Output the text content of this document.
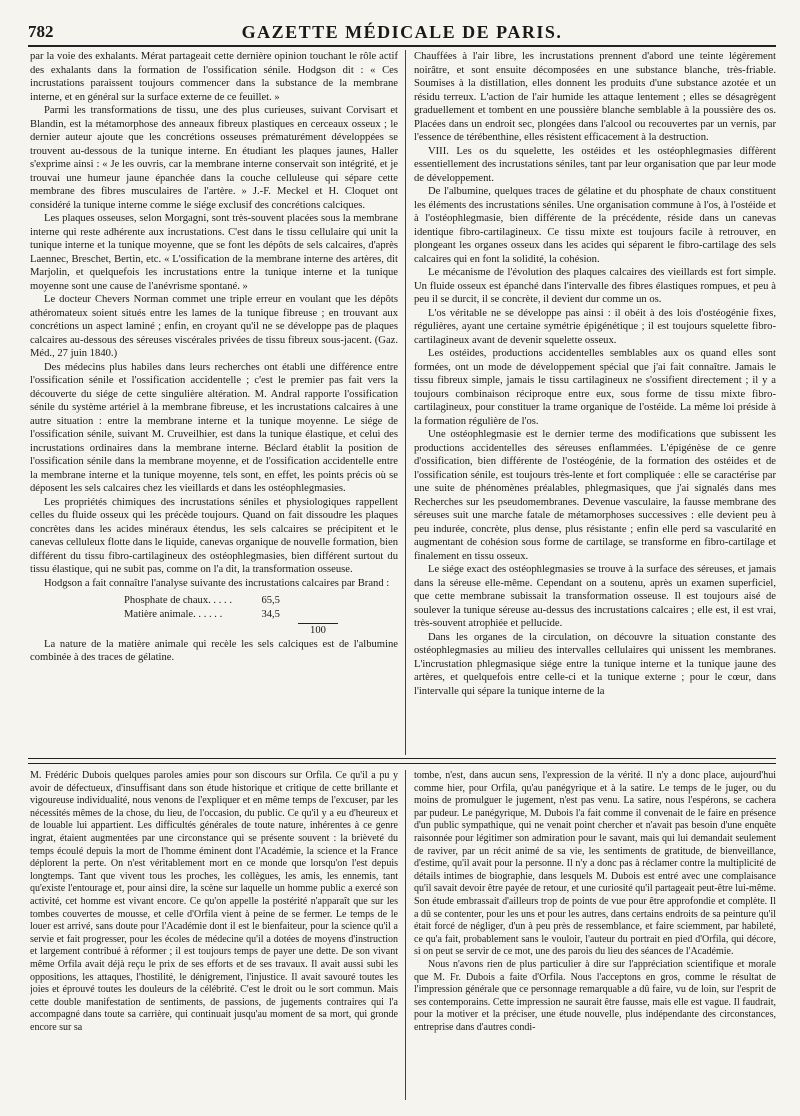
782	GAZETTE MÉDICALE DE PARIS.

par la voie des exhalants. Mérat partageait cette dernière opinion touchant le rôle actif des exhalants dans la formation de l'ossification sénile. Hodgson dit : « Ces incrustations paraissent toujours commencer dans la substance de la membrane interne, et en général sur la surface externe de ce feuillet. »

Parmi les transformations de tissu, une des plus curieuses, suivant Corvisart et Blandin, est la métamorphose des anneaux fibreux plastiques en cerceaux osseux ; le dernier auteur ajoute que les concrétions osseuses prématurément développées se trouvent au-dessous de la tunique interne. En étudiant les plaques jaunes, Haller s'exprime ainsi : « Je les ouvris, car la membrane interne conservait son intégrité, et je trouvai une humeur jaune épanchée dans la couche celluleuse qui sépare cette membrane des fibres musculaires de l'artère. » J.-F. Meckel et H. Cloquet ont considéré la tunique interne comme le siége exclusif des concrétions calciques.

Les plaques osseuses, selon Morgagni, sont très-souvent placées sous la membrane interne qui reste adhérente aux incrustations. C'est dans le tissu cellulaire qui unit la tunique interne et la tunique moyenne, que se font les dépôts de sels calcaires, d'après Laennec, Breschet, Bertin, etc. « L'ossification de la membrane interne des artères, dit Marjolin, et quelquefois les incrustations entre la tunique interne et la tunique moyenne sont une cause de l'anévrisme spontané. »

Le docteur Chevers Norman commet une triple erreur en voulant que les dépôts athéromateux soient situés entre les lames de la tunique fibreuse ; en trouvant aux concrétions un aspect laminé ; enfin, en croyant qu'il ne se développe pas de plaques calcaires au-dessous des séreuses viscérales privées de tissu fibreux sous-jacent. (Gaz. Méd., 27 juin 1840.)

Des médecins plus habiles dans leurs recherches ont établi une différence entre l'ossification sénile et l'ossification accidentelle ; c'est le premier pas fait vers la découverte du siége de cette singulière altération. M. Andral rapporte l'ossification sénile du système artériel à la membrane fibreuse, et les incrustations calcaires à une autre situation : entre la membrane interne et la tunique moyenne. Le siége de l'ossification sénile, suivant M. Cruveilhier, est dans la tunique élastique, et celui des incrustations ordinaires dans la membrane interne. Béclard établit la position de l'ossification sénile dans la membrane moyenne, et de l'ossification accidentelle entre la membrane interne et la tunique moyenne, tels sont, en effet, les points précis où se déposent les sels calcaires chez les vieillards et dans les ostéophlegmasies.

Les propriétés chimiques des incrustations séniles et physiologiques rappellent celles du fluide osseux qui les précède toujours. Quand on fait dissoudre les plaques concrètes dans les acides minéraux étendus, les sels calcaires se précipitent et le canevas celluleux flotte dans le liquide, canevas organique de nouvelle formation, bien différent du tissu fibro-cartilagineux des ostéophlegmasies, bien différent surtout du tissu élastique, qui ne subit pas, comme on l'a dit, la transformation osseuse.

Hodgson a fait connaître l'analyse suivante des incrustations calcaires par Brand :

Phosphate de chaux. . . . .	65,5
Matière animale. . . . . .	34,5
100

La nature de la matière animale qui recèle les sels calciques est de l'albumine combinée à des traces de gélatine.

Chauffées à l'air libre, les incrustations prennent d'abord une teinte légèrement noirâtre, et sont ensuite décomposées en une substance blanche, très-friable. Soumises à la distillation, elles donnent les produits d'une substance azotée et un résidu terreux. L'action de l'air humide les attaque lentement ; elles se désagrègent graduellement et tombent en une poussière blanche semblable à la poussière des os. Placées dans un endroit sec, plongées dans l'alcool ou recouvertes par un vernis, par l'essence de térébenthine, elles résistent efficacement à la destruction.

VIII. Les os du squelette, les ostéides et les ostéophlegmasies diffèrent essentiellement des incrustations séniles, tant par leur organisation que par leur mode de développement.

De l'albumine, quelques traces de gélatine et du phosphate de chaux constituent les éléments des incrustations séniles. Une organisation commune à l'os, à l'ostéide et à l'ostéophlegmasie, bien différente de la précédente, réside dans un canevas identique fibro-cartilagineux. Ce tissu mixte est toujours facile à retrouver, en plongeant les organes osseux dans les acides qui séparent le fibro-cartilage des sels calcaires qui en font la solidité, la cohésion.

Le mécanisme de l'évolution des plaques calcaires des vieillards est fort simple. Un fluide osseux est épanché dans l'intervalle des fibres élastiques rompues, et peu à peu il se durcit, il se concrète, il devient dur comme un os.

L'os véritable ne se développe pas ainsi : il obéit à des lois d'ostéogénie fixes, régulières, ayant une certaine symétrie épigénétique ; il est toujours squelette fibro-cartilagineux avant de devenir squelette osseux.

Les ostéides, productions accidentelles semblables aux os quand elles sont formées, ont un mode de développement spécial que j'ai fait connaître. Jamais le tissu fibreux simple, jamais le tissu cartilagineux ne s'ossifient directement ; il y a toujours combinaison réciproque entre eux, sous forme de tissu mixte fibro-cartilagineux, pour constituer la trame organique de l'ostéide. La même loi préside à la formation régulière de l'os.

Une ostéophlegmasie est le dernier terme des modifications que subissent les productions accidentelles des séreuses enflammées. L'épigénèse de ce genre d'ossification, bien différente de l'ostéogénie, de la formation des ostéides et de l'ossification sénile, est toujours très-lente et fort compliquée : elle se caractérise par une suite de phénomènes préalables, phlegmasiques, que j'ai signalés dans mes Recherches sur les pseudomembranes. Devenue vasculaire, la fausse membrane des séreuses suit une marche fatale de métamorphoses successives : elle devient peu à peu indurée, concrète, plus dense, plus résistante ; enfin elle perd sa vascularité en augmentant de cohésion sous forme de cartilage, se transforme en fibro-cartilage et finalement en tissu osseux.

Le siége exact des ostéophlegmasies se trouve à la surface des séreuses, et jamais dans la séreuse elle-même. Cependant on a soutenu, après un examen superficiel, que cette membrane subissait la transformation osseuse. Il est toujours aisé de soulever la tunique séreuse au-dessus des incrustations calcaires ; elle est, il est vrai, très-souvent atrophiée et pellucide.

Dans les organes de la circulation, on découvre la situation constante des ostéophlegmasies au milieu des intervalles cellulaires qui unissent les membranes. L'incrustation phlegmasique siége entre la tunique interne et la tunique jaune des artères, et quelquefois entre celle-ci et la tunique externe ; pour le cœur, dans l'intervalle qui sépare la tunique interne de la

M. Frédéric Dubois quelques paroles amies pour son discours sur Orfila. Ce qu'il a pu y avoir de défectueux, d'insuffisant dans son étude historique et critique de cette brillante et vigoureuse individualité, nous venons de l'expliquer et en même temps de l'excuser, par les nécessités mêmes de la chose, du lieu, de l'occasion, du public. Ce qu'il y a eu d'heureux et de louable lui appartient. Les difficultés générales de toute nature, inhérentes à ce genre ingrat, étaient augmentées par une circonstance qui se présente souvent : la brièveté du temps écoulé depuis la mort de l'homme éminent dont l'Académie, la science et la France déplorent la perte. On n'est véritablement mort en ce monde que lorsqu'on l'est depuis longtemps. Tant que vivent tous les proches, les collègues, les amis, les ennemis, tant qu'existe l'entourage et, pour ainsi dire, la scène sur laquelle un homme public a exercé son activité, cet homme est vivant encore. Ce qu'on appelle la postérité n'apparaît que sur les tombes couvertes de mousse, et celle d'Orfila vient à peine de se fermer. Le temps de le louer est arrivé, sans doute pour l'Académie dont il est le bienfaiteur, pour la science qu'il a servie et fait progresser, pour les écoles de médecine qu'il a dotées de moyens d'instruction et largement contribué à réformer ; il est toujours temps de payer une dette. De son vivant même Orfila avait déjà reçu le prix de ses efforts et de ses travaux. Il avait aussi subi les oppositions, les attaques, l'hostilité, le dénigrement, l'injustice. Il avait savouré toutes les joies et éprouvé toutes les douleurs de la célébrité. C'est le droit ou le sort commun. Mais cette double manifestation de sentiments, de passions, de jugements contraires qui l'a accompagné dans toute sa carrière, qui continuait jusqu'au moment de sa mort, qui gronde encore sur sa

tombe, n'est, dans aucun sens, l'expression de la vérité. Il n'y a donc place, aujourd'hui comme hier, pour Orfila, qu'au panégyrique et à la satire. Le temps de le juger, ou du moins de promulguer le jugement, n'est pas venu. La satire, nous l'espérons, se cachera par pudeur. Le panégyrique, M. Dubois l'a fait comme il convenait de le faire en présence d'un public sympathique, qui ne venait point chercher et n'avait pas besoin d'une enquête raisonnée pour légitimer son admiration pour le savant, mais qui lui demandait seulement de raviver, par un récit animé de sa vie, les sentiments de gratitude, de bienveillance, d'estime, qu'il avait pour la personne. Il n'y a donc pas à réclamer contre la multiplicité de détails intimes de biographie, dans lesquels M. Dubois est entré avec une complaisance qu'il savait devoir être payée de retour, et une curiosité qu'il partageait peut-être lui-même. Son étude embrassait d'ailleurs trop de points de vue pour être approfondie et complète. Il a dû se contenter, pour les uns et pour les autres, dans certains endroits de sa peinture qu'il était forcé de négliger, d'un à peu près de ressemblance, et faire sciemment, par habileté, ce qu'a fait, probablement sans le vouloir, l'auteur du portrait en pied d'Orfila, qui décore, si on peut se servir de ce mot, une des parois du lieu des séances de l'Académie.

Nous n'avons rien de plus particulier à dire sur l'appréciation scientifique et morale que M. Fr. Dubois a faite d'Orfila. Nous l'acceptons en gros, comme le résultat de l'impression générale que ce personnage remarquable a dû faire, vu de loin, sur l'esprit de ses contemporains. Cette impression ne saurait être fausse, mais elle est vague. Il faudrait, pour la motiver et la préciser, une étude nouvelle, plus indépendante des circonstances, entreprise dans d'autres condi-
